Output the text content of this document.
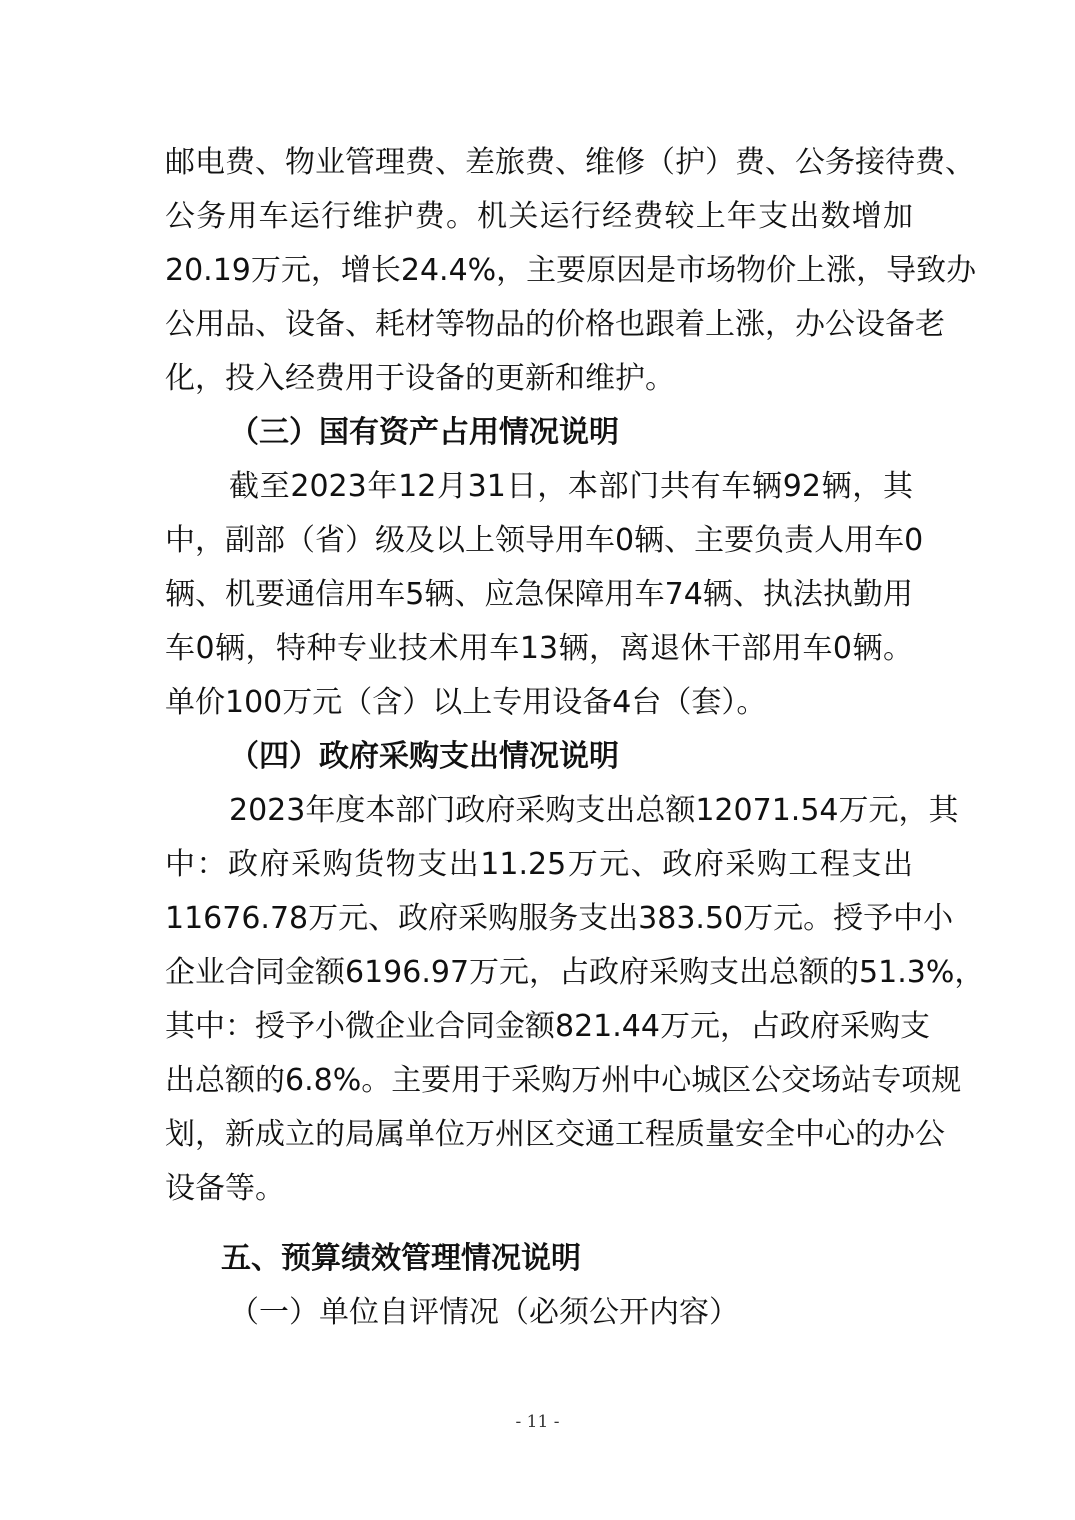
邮电费、物业管理费、差旅费、维修（护）费、公务接待费、
公务用车运行维护费。机关运行经费较上年支出数增加
20.19万元，增长24.4%，主要原因是市场物价上涨，导致办
公用品、设备、耗材等物品的价格也跟着上涨，办公设备老
化，投入经费用于设备的更新和维护。
（三）国有资产占用情况说明
截至2023年12月31日，本部门共有车辆92辆，其
中，副部（省）级及以上领导用车0辆、主要负责人用车0
辆、机要通信用车5辆、应急保障用车74辆、执法执勤用
车0辆，特种专业技术用车13辆，离退休干部用车0辆。
单价100万元（含）以上专用设备4台（套）。
（四）政府采购支出情况说明
2023年度本部门政府采购支出总额12071.54万元，其
中：政府采购货物支出11.25万元、政府采购工程支出
11676.78万元、政府采购服务支出383.50万元。授予中小
企业合同金额6196.97万元，占政府采购支出总额的51.3%，
其中：授予小微企业合同金额821.44万元，占政府采购支
出总额的6.8%。主要用于采购万州中心城区公交场站专项规
划，新成立的局属单位万州区交通工程质量安全中心的办公
设备等。
五、预算绩效管理情况说明
（一）单位自评情况（必须公开内容）
- 11 -
